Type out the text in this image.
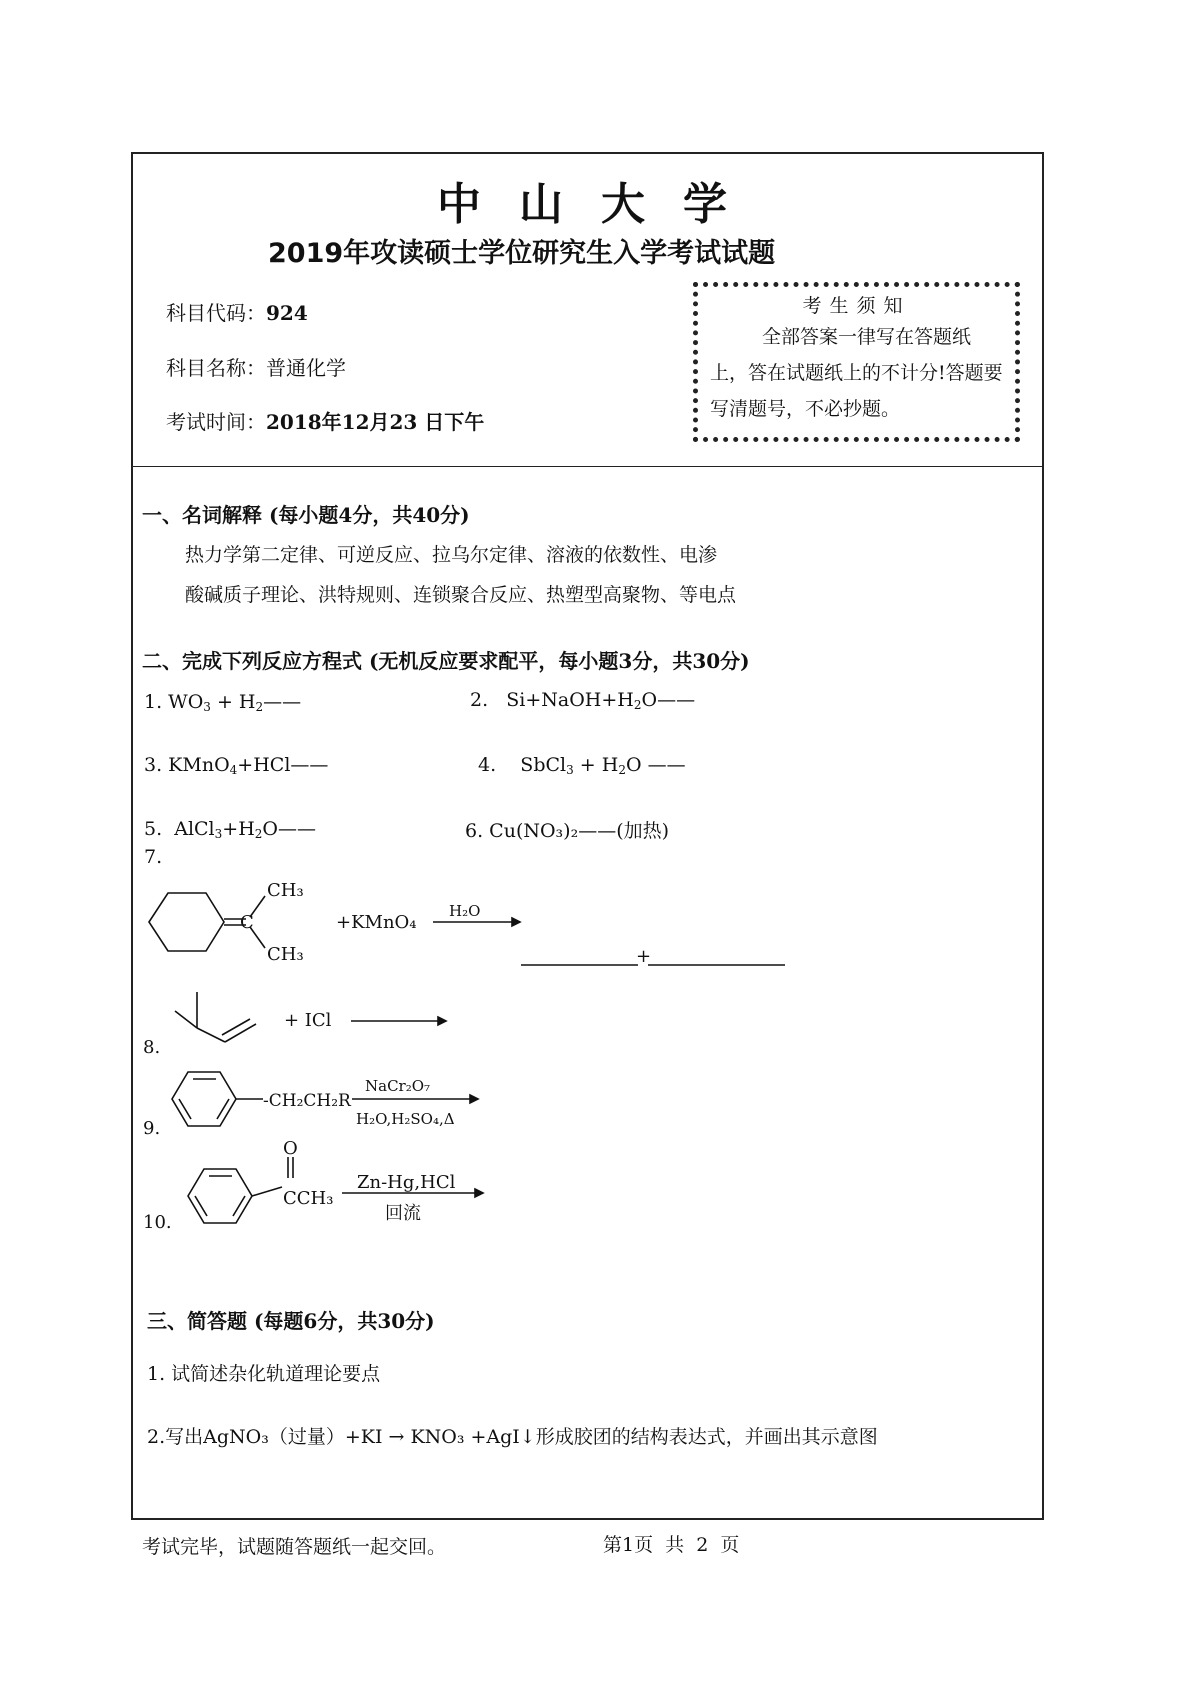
中山大学
2019年攻读硕士学位研究生入学考试试题
科目代码：924
科目名称：普通化学
考试时间：2018年12月23 日下午
考生须知
全部答案一律写在答题纸上，答在试题纸上的不计分!答题要写清题号，不必抄题。
一、名词解释 (每小题4分，共40分)
热力学第二定律、可逆反应、拉乌尔定律、溶液的依数性、电渗
酸碱质子理论、洪特规则、连锁聚合反应、热塑型高聚物、等电点
二、完成下列反应方程式 (无机反应要求配平，每小题3分，共30分)
1. $WO_3$ + $H_2——$	2.   $Si+NaOH+H_2O——$
3. KMnO$_4$+HCl——	4.    SbCl$_3$ + $H_2O$ ——
5.  $AlCl_3+H_2O——$	6. Cu(NO₃)₂——(加热)
7.
CH₃
C
CH₃
+KMnO₄
H₂O
+
+ ICl
8.
-CH₂CH₂R
NaCr₂O₇
H₂O,H₂SO₄,Δ
9.
O
CCH₃
Zn-Hg,HCl
回流
10.
三、简答题 (每题6分，共30分)
1. 试简述杂化轨道理论要点
2.写出AgNO₃（过量）+KI → KNO₃ +AgI↓形成胶团的结构表达式，并画出其示意图
考试完毕，试题随答题纸一起交回。	第1页  共  2  页
